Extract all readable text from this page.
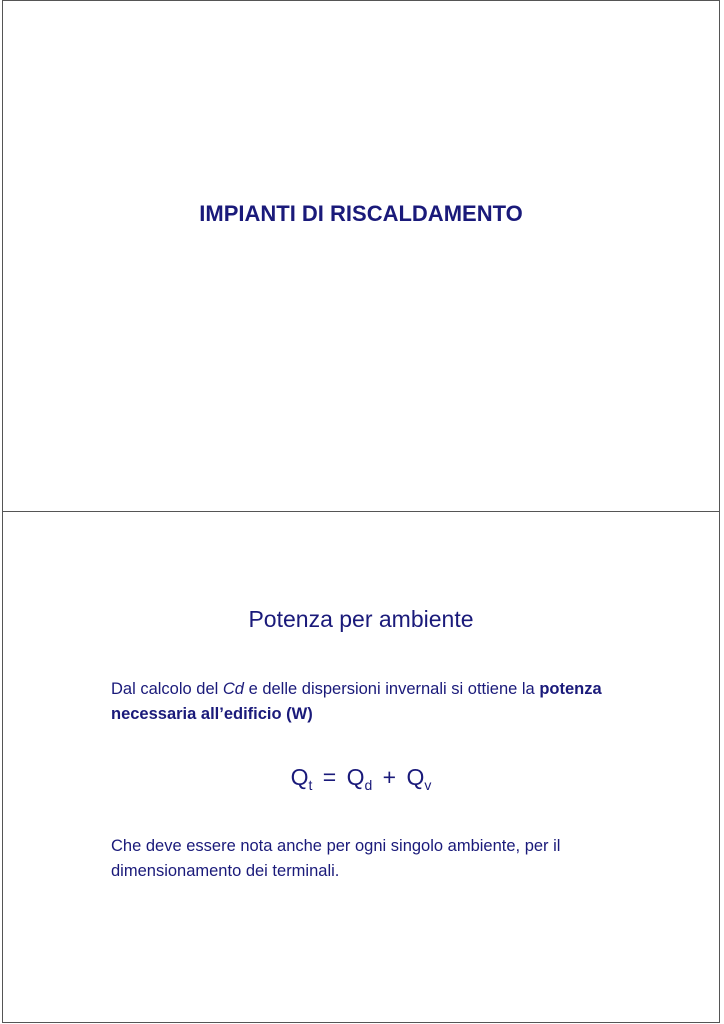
IMPIANTI DI RISCALDAMENTO
Potenza per ambiente
Dal calcolo del Cd e delle dispersioni invernali si ottiene la potenza necessaria all’edificio (W)
$Q_t = Q_d + Q_v$
Che deve essere nota anche per ogni singolo ambiente, per il dimensionamento dei terminali.
